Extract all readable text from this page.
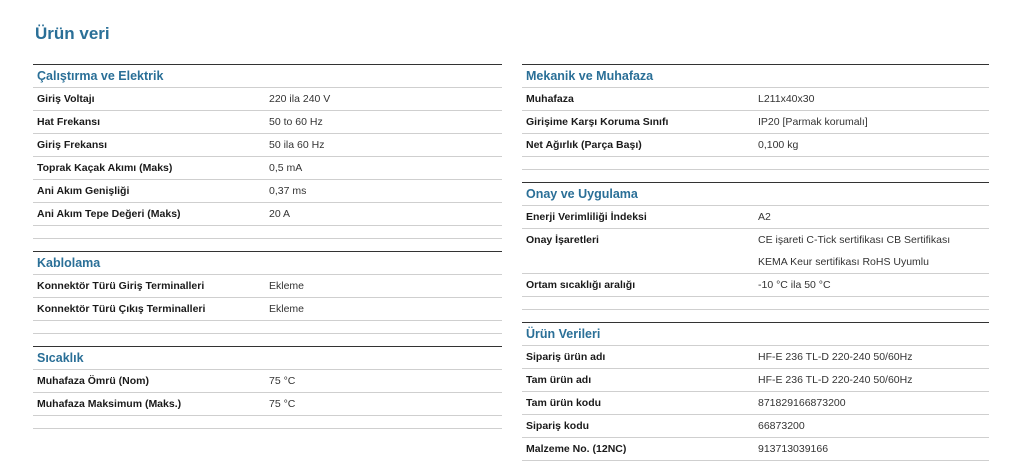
Ürün veri
Çalıştırma ve Elektrik
Giriş Voltajı	220 ila 240 V
Hat Frekansı	50 to 60 Hz
Giriş Frekansı	50 ila 60 Hz
Toprak Kaçak Akımı (Maks)	0,5 mA
Ani Akım Genişliği	0,37 ms
Ani Akım Tepe Değeri (Maks)	20 A
Kablolama
Konnektör Türü Giriş Terminalleri	Ekleme
Konnektör Türü Çıkış Terminalleri	Ekleme
Sıcaklık
Muhafaza Ömrü (Nom)	75 °C
Muhafaza Maksimum (Maks.)	75 °C
Mekanik ve Muhafaza
Muhafaza	L211x40x30
Girişime Karşı Koruma Sınıfı	IP20 [Parmak korumalı]
Net Ağırlık (Parça Başı)	0,100 kg
Onay ve Uygulama
Enerji Verimliliği İndeksi	A2
Onay İşaretleri	CE işareti C-Tick sertifikası CB Sertifikası
KEMA Keur sertifikası RoHS Uyumlu
Ortam sıcaklığı aralığı	-10 °C ila 50 °C
Ürün Verileri
Sipariş ürün adı	HF-E 236 TL-D 220-240 50/60Hz
Tam ürün adı	HF-E 236 TL-D 220-240 50/60Hz
Tam ürün kodu	871829166873200
Sipariş kodu	66873200
Malzeme No. (12NC)	913713039166
